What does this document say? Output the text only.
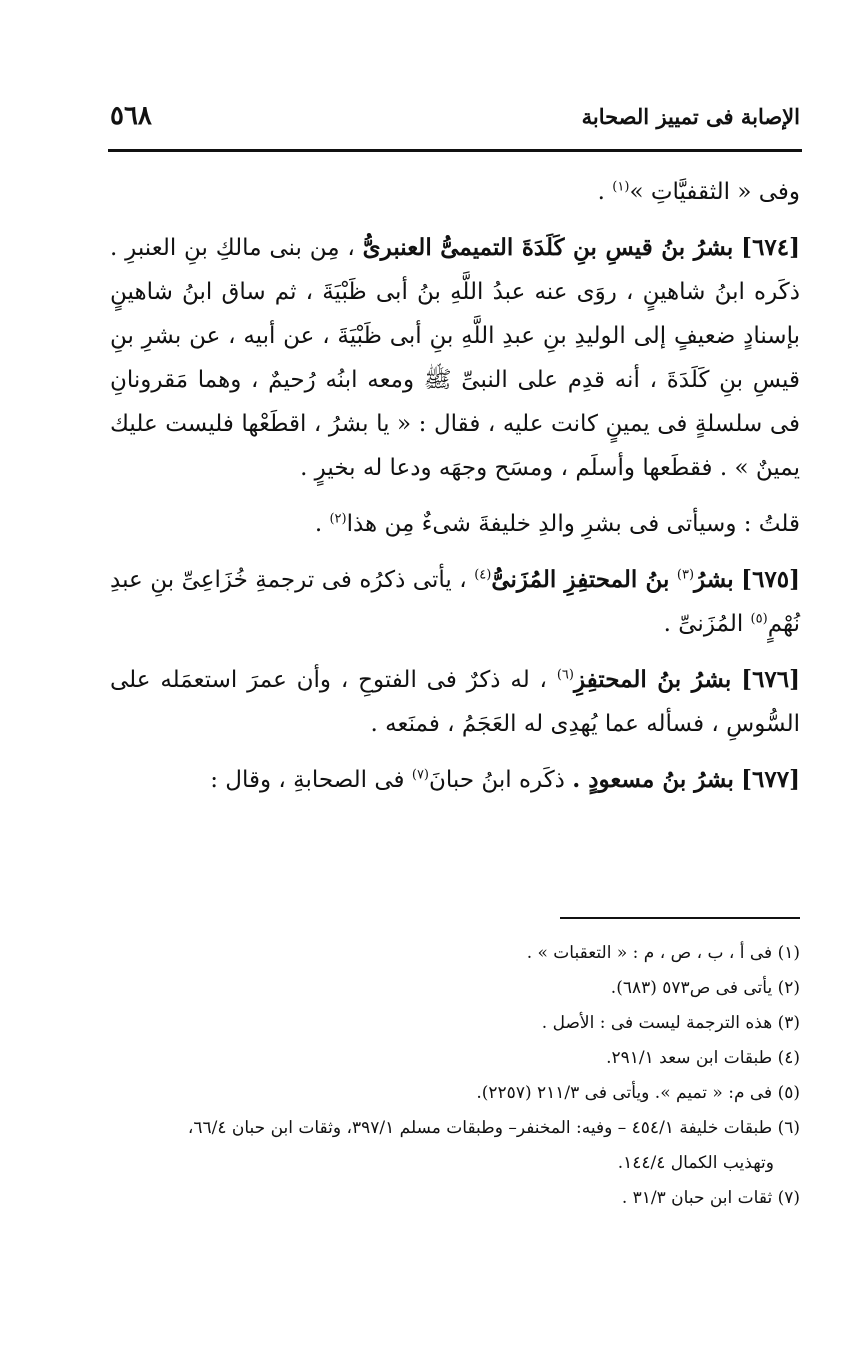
٥٦٨	الإصابة فى تمييز الصحابة

وفى « الثقفيَّاتِ »$^{(١)}$ .

[٦٧٤] بشرُ بنُ قيسِ بنِ كَلَدَةَ التميمىُّ العنبرىُّ ، مِن بنى مالكِ بنِ العنبرِ . ذكَره ابنُ شاهينٍ ، روَى عنه عبدُ اللَّهِ بنُ أبى ظَبْيَةَ ، ثم ساق ابنُ شاهينٍ بإسنادٍ ضعيفٍ إلى الوليدِ بنِ عبدِ اللَّهِ بنِ أبى ظَبْيَةَ ، عن أبيه ، عن بشرِ بنِ قيسِ بنِ كَلَدَةَ ، أنه قدِم على النبىِّ ﷺ ومعه ابنُه رُحيمٌ ، وهما مَقرونانِ فى سلسلةٍ فى يمينٍ كانت عليه ، فقال : « يا بشرُ ، اقطَعْها فليست عليك يمينٌ » . فقطَعها وأسلَم ، ومسَح وجهَه ودعا له بخيرٍ .

قلتُ : وسيأتى فى بشرِ والدِ خليفةَ شىءٌ مِن هذا$^{(٢)}$ .

[٦٧٥] بشرُ$^{(٣)}$ بنُ المحتفِزِ المُزَنىُّ$^{(٤)}$ ، يأتى ذكرُه فى ترجمةِ خُزَاعِىِّ بنِ عبدِ نُهْمٍ$^{(٥)}$ المُزَنىِّ .

[٦٧٦] بشرُ بنُ المحتفِزِ$^{(٦)}$ ، له ذكرٌ فى الفتوحِ ، وأن عمرَ استعمَله على السُّوسِ ، فسأله عما يُهدِى له العَجَمُ ، فمنَعه .

[٦٧٧] بشرُ بنُ مسعودٍ . ذكَره ابنُ حبانَ$^{(٧)}$ فى الصحابةِ ، وقال :

(١) فى أ ، ب ، ص ، م : « التعقبات » .

(٢) يأتى فى ص٥٧٣ (٦٨٣).

(٣) هذه الترجمة ليست فى : الأصل .

(٤) طبقات ابن سعد ٢٩١/١.

(٥) فى م: « تميم ». ويأتى فى ٢١١/٣ (٢٢٥٧).

(٦) طبقات خليفة ٤٥٤/١ – وفيه: المخنفر– وطبقات مسلم ٣٩٧/١، وثقات ابن حبان ٦٦/٤،

وتهذيب الكمال ١٤٤/٤.

(٧) ثقات ابن حبان ٣١/٣ .
